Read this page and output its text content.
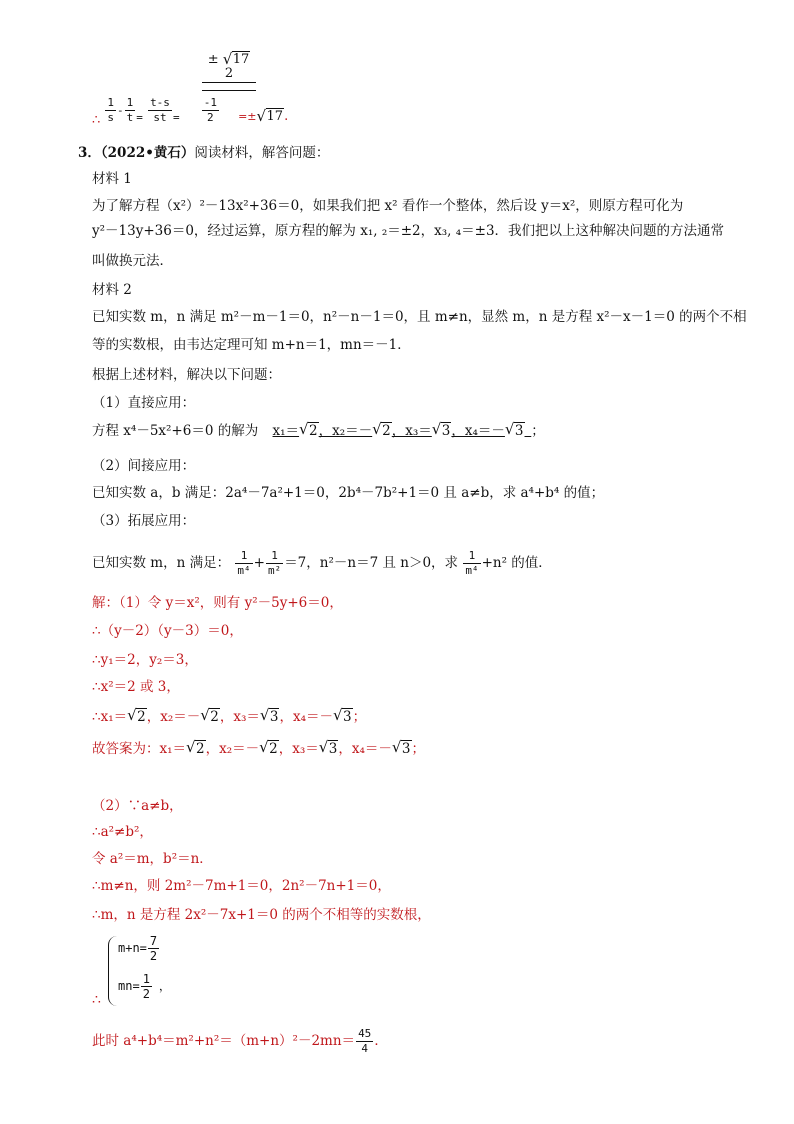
± √ 17
2
∴ $\frac{1}{s} - \frac{1}{t} _= \frac{t-s}{st} _= \frac{-1}{2}$ =± √ 17.
3．（2022•黄石）阅读材料，解答问题：
材料 1
为了解方程（x²）²－13x²+36＝0，如果我们把 x² 看作一个整体，然后设 y＝x²，则原方程可化为
y²－13y+36＝0，经过运算，原方程的解为 x₁, ₂＝±2，x₃, ₄＝±3．我们把以上这种解决问题的方法通常
叫做换元法．
材料 2
已知实数 m，n 满足 m²－m－1＝0，n²－n－1＝0，且 m≠n，显然 m，n 是方程 x²－x－1＝0 的两个不相
等的实数根，由韦达定理可知 m+n＝1，mn＝－1．
根据上述材料，解决以下问题：
（1）直接应用：
方程 x⁴－5x²+6＝0 的解为 x₁＝ √ 2，x₂＝－ √ 2，x₃＝ √ 3，x₄＝－ √ 3  ；
（2）间接应用：
已知实数 a，b 满足：2a⁴－7a²+1＝0，2b⁴－7b²+1＝0 且 a≠b，求 a⁴+b⁴ 的值；
（3）拓展应用：
已知实数 m，n 满足： $\frac{1}{\text{m⁴}} + \frac{1}{\text{m²}} =7$，n²－n＝7 且 n＞0，求 $\frac{1}{\text{m⁴}} +n^2$ 的值．
解：（1）令 y＝x²，则有 y²－5y+6＝0，
∴（y－2）（y－3）＝0，
∴y₁＝2，y₂＝3，
∴x²＝2 或 3，
∴x₁＝ √ 2，x₂＝－ √ 2，x₃＝ √ 3，x₄＝－ √ 3；
故答案为：x₁＝ √ 2，x₂＝－ √ 2，x₃＝ √ 3，x₄＝－ √ 3；
（2）∵a≠b，
∴a²≠b²，
令 a²＝m，b²＝n．
∴m≠n，则 2m²－7m+1＝0，2n²－7n+1＝0，
∴m，n 是方程 2x²－7x+1＝0 的两个不相等的实数根，
$m+n= \frac{7}{2}$
$mn= \frac{1}{2}$ ，
∴
此时 $a^4+b^4=m^2+n^2=(m+n)^2-2mn= \frac{45}{4}$ ．
